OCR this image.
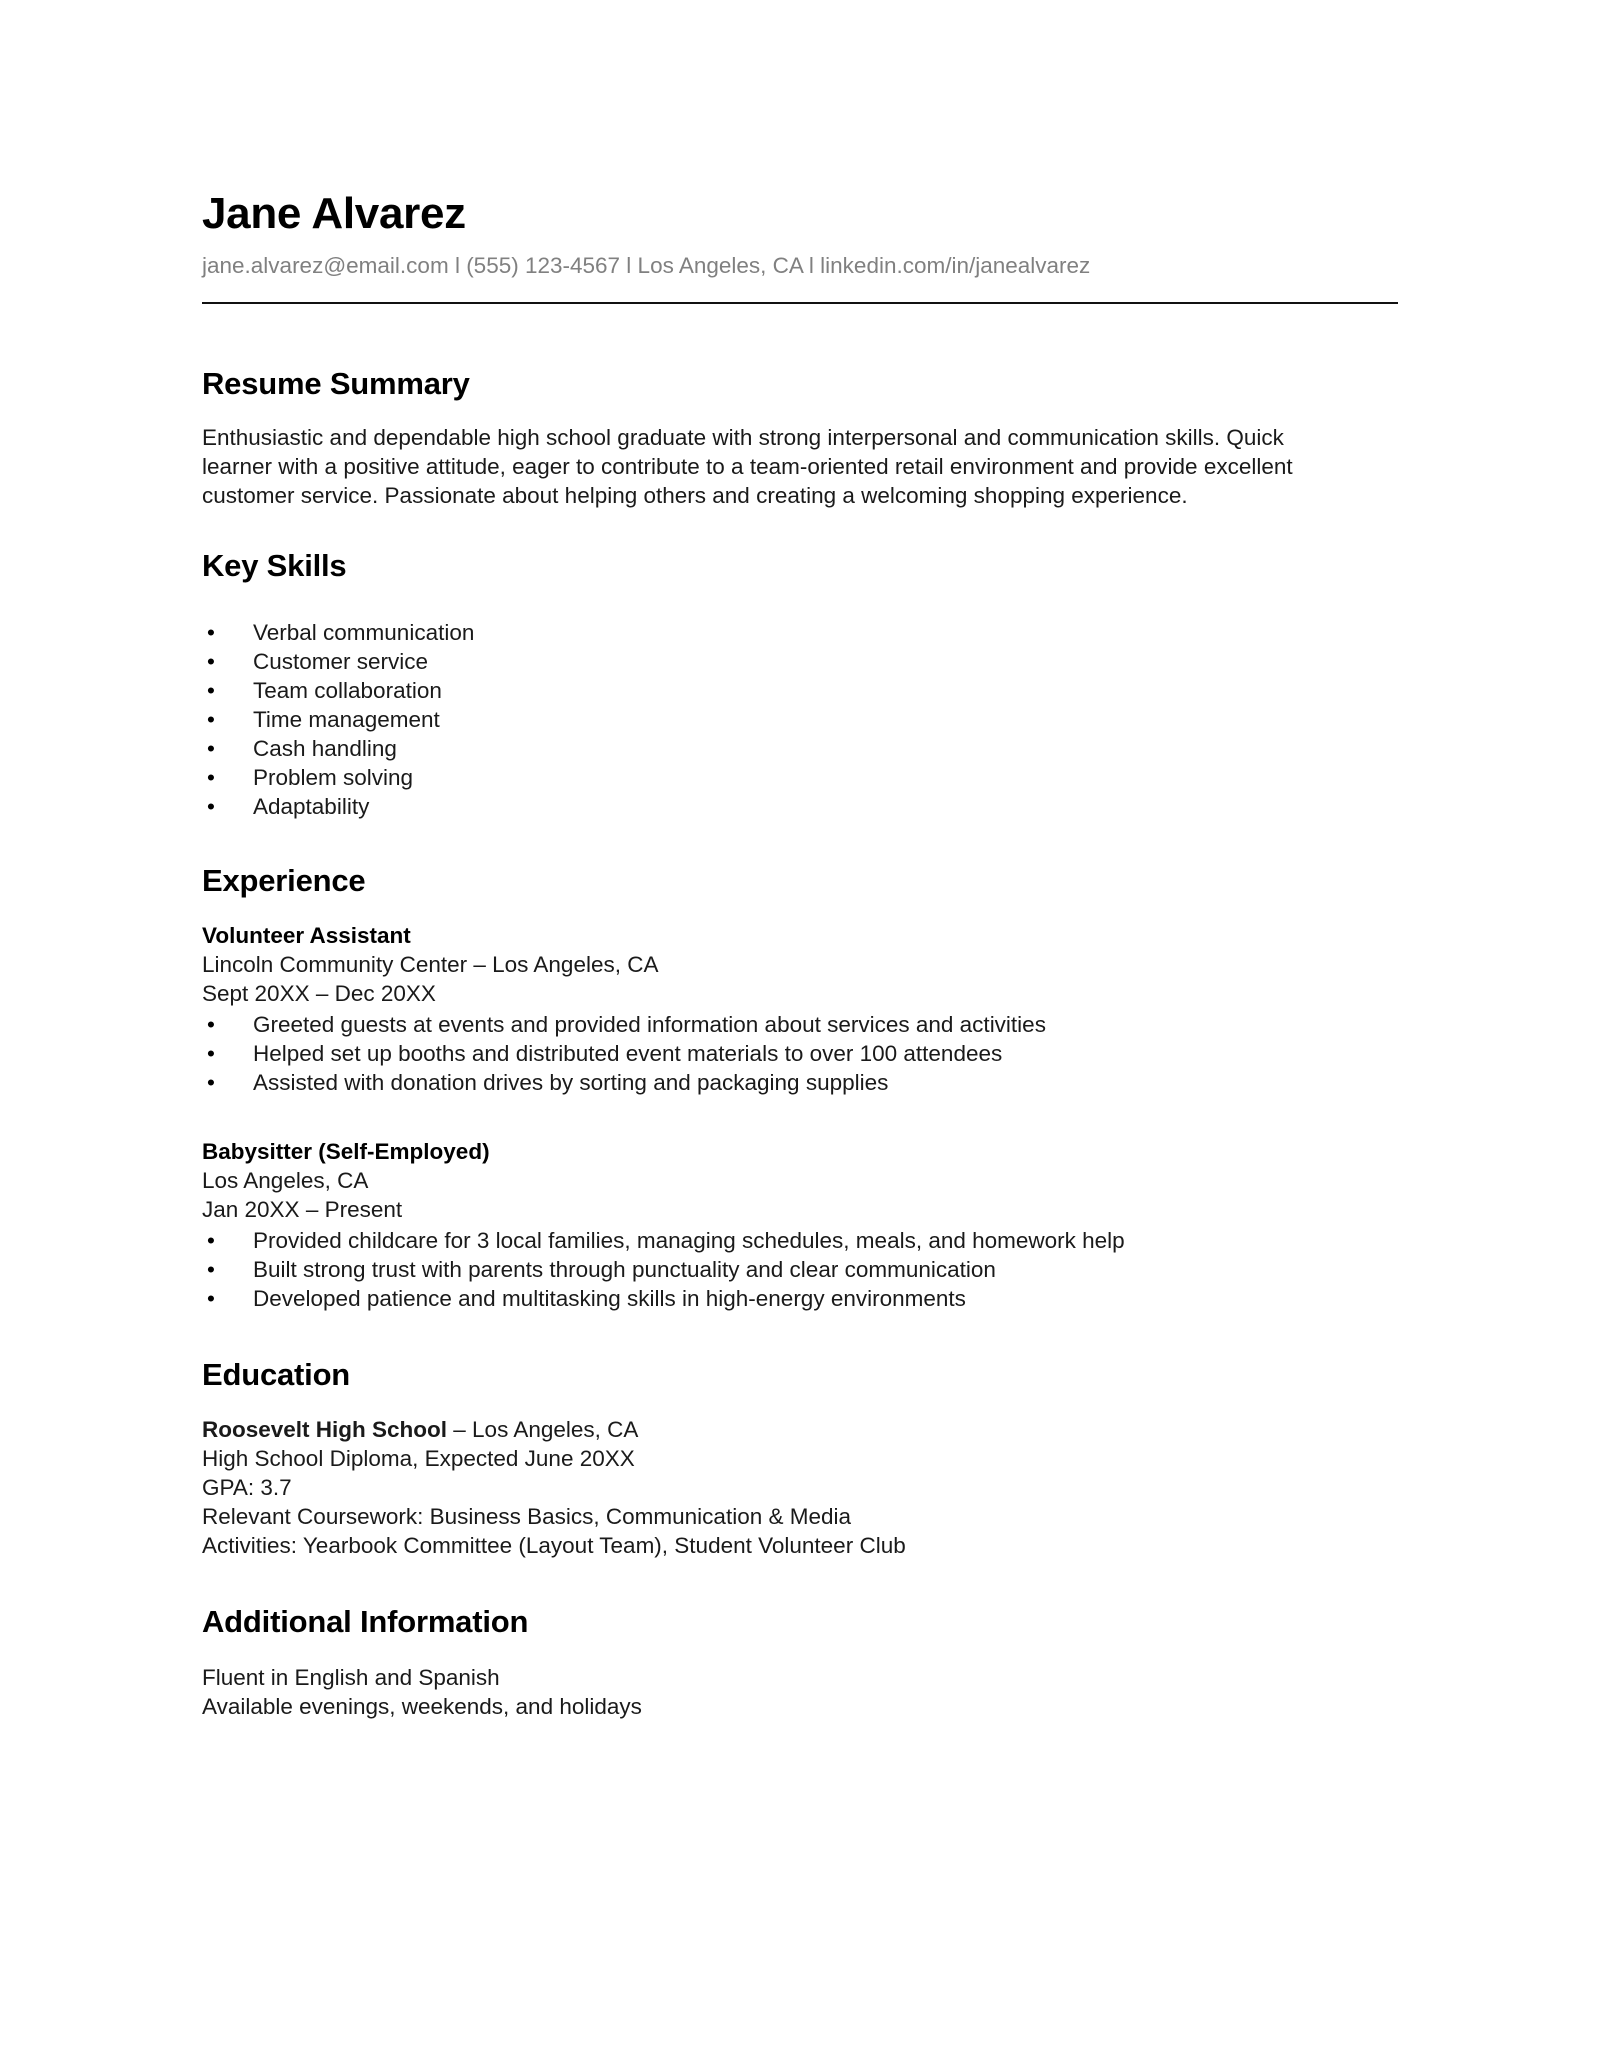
Jane Alvarez

jane.alvarez@email.com l (555) 123-4567 l Los Angeles, CA l linkedin.com/in/janealvarez

Resume Summary

Enthusiastic and dependable high school graduate with strong interpersonal and communication skills. Quick learner with a positive attitude, eager to contribute to a team-oriented retail environment and provide excellent customer service. Passionate about helping others and creating a welcoming shopping experience.

Key Skills
• Verbal communication
• Customer service
• Team collaboration
• Time management
• Cash handling
• Problem solving
• Adaptability
Experience

Volunteer Assistant

Lincoln Community Center – Los Angeles, CA

Sept 20XX – Dec 20XX

• Greeted guests at events and provided information about services and activities
• Helped set up booths and distributed event materials to over 100 attendees
• Assisted with donation drives by sorting and packaging supplies

Babysitter (Self-Employed)

Los Angeles, CA

Jan 20XX – Present

• Provided childcare for 3 local families, managing schedules, meals, and homework help
• Built strong trust with parents through punctuality and clear communication
• Developed patience and multitasking skills in high-energy environments
Education

Roosevelt High School – Los Angeles, CA

High School Diploma, Expected June 20XX

GPA: 3.7

Relevant Coursework: Business Basics, Communication & Media

Activities: Yearbook Committee (Layout Team), Student Volunteer Club

Additional Information

Fluent in English and Spanish

Available evenings, weekends, and holidays
